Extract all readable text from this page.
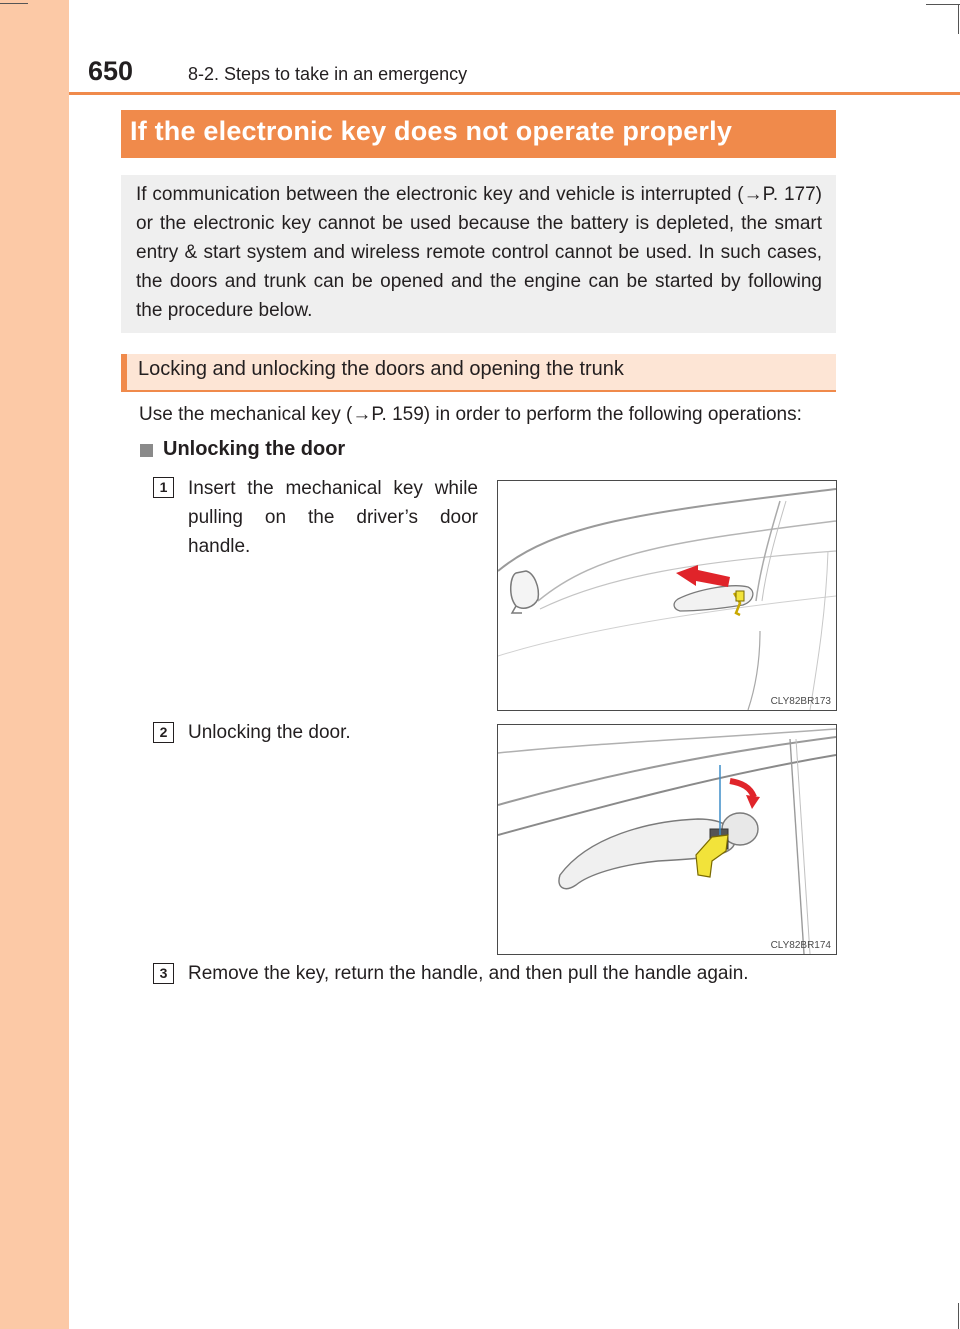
650	8-2. Steps to take in an emergency
If the electronic key does not operate properly
If communication between the electronic key and vehicle is interrupted (→P. 177) or the electronic key cannot be used because the battery is depleted, the smart entry & start system and wireless remote control cannot be used. In such cases, the doors and trunk can be opened and the engine can be started by following the procedure below.
Locking and unlocking the doors and opening the trunk
Use the mechanical key (→P. 159) in order to perform the following operations:
Unlocking the door
1	Insert the mechanical key while pulling on the driver’s door handle.
CLY82BR173
2	Unlocking the door.
CLY82BR174
3	Remove the key, return the handle, and then pull the handle again.
